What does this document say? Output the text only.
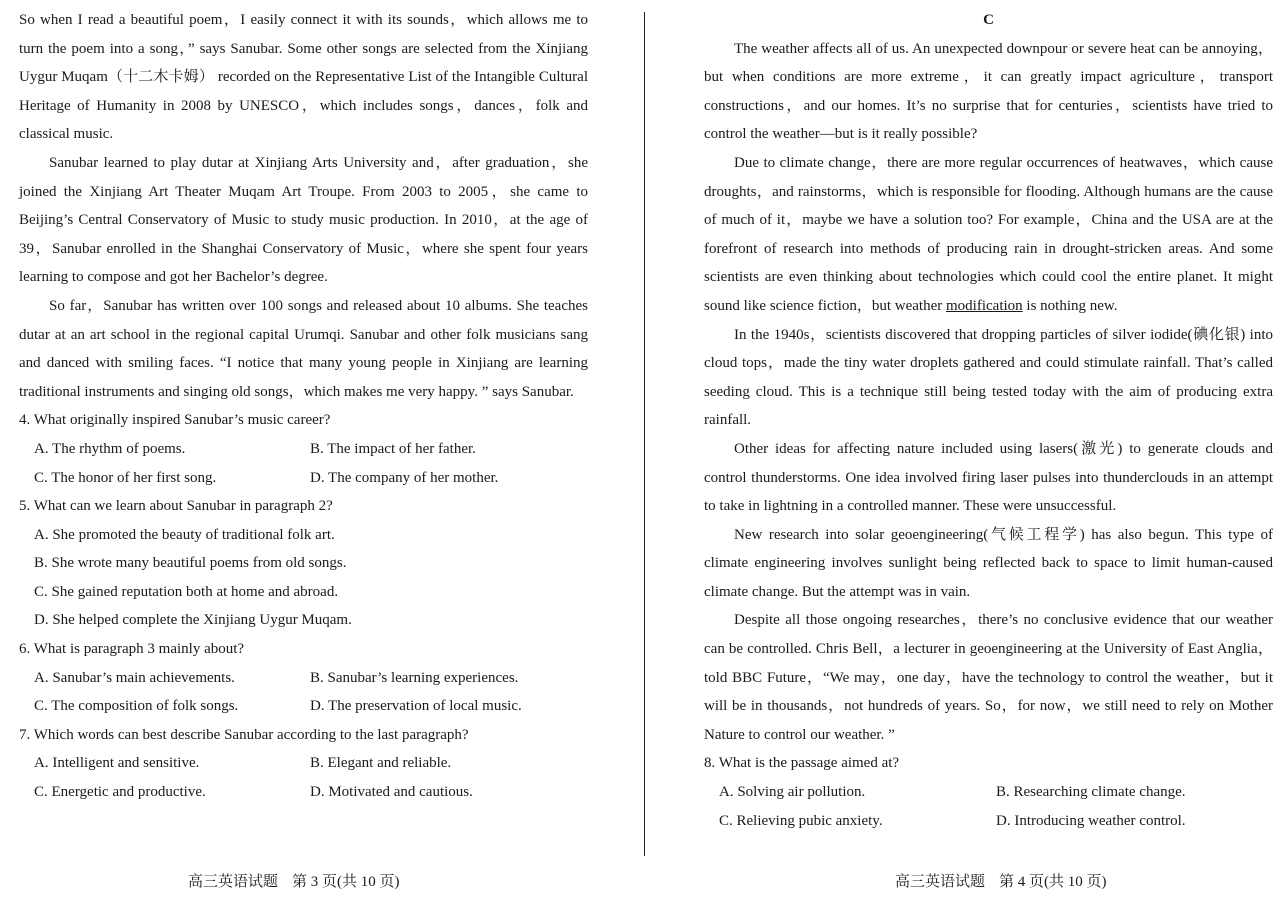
So when I read a beautiful poem，I easily connect it with its sounds，which allows me to turn the poem into a song，” says Sanubar. Some other songs are selected from the Xinjiang Uygur Muqam（十二木卡姆） recorded on the Representative List of the Intangible Cultural Heritage of Humanity in 2008 by UNESCO，which includes songs，dances，folk and classical music.

Sanubar learned to play dutar at Xinjiang Arts University and，after graduation，she joined the Xinjiang Art Theater Muqam Art Troupe. From 2003 to 2005，she came to Beijing’s Central Conservatory of Music to study music production. In 2010，at the age of 39，Sanubar enrolled in the Shanghai Conservatory of Music，where she spent four years learning to compose and got her Bachelor’s degree.

So far，Sanubar has written over 100 songs and released about 10 albums. She teaches dutar at an art school in the regional capital Urumqi. Sanubar and other folk musicians sang and danced with smiling faces. “I notice that many young people in Xinjiang are learning traditional instruments and singing old songs，which makes me very happy. ” says Sanubar.

4. What originally inspired Sanubar’s music career?

A. The rhythm of poems.	B. The impact of her father.
C. The honor of her first song.	D. The company of her mother.

5. What can we learn about Sanubar in paragraph 2?

A. She promoted the beauty of traditional folk art.
B. She wrote many beautiful poems from old songs.
C. She gained reputation both at home and abroad.
D. She helped complete the Xinjiang Uygur Muqam.

6. What is paragraph 3 mainly about?

A. Sanubar’s main achievements.	B. Sanubar’s learning experiences.
C. The composition of folk songs.	D. The preservation of local music.

7. Which words can best describe Sanubar according to the last paragraph?

A. Intelligent and sensitive.	B. Elegant and reliable.
C. Energetic and productive.	D. Motivated and cautious.

C

The weather affects all of us. An unexpected downpour or severe heat can be annoying，but when conditions are more extreme，it can greatly impact agriculture，transport constructions，and our homes. It’s no surprise that for centuries，scientists have tried to control the weather—but is it really possible?

Due to climate change，there are more regular occurrences of heatwaves，which cause droughts，and rainstorms，which is responsible for flooding. Although humans are the cause of much of it，maybe we have a solution too? For example，China and the USA are at the forefront of research into methods of producing rain in drought-stricken areas. And some scientists are even thinking about technologies which could cool the entire planet. It might sound like science fiction，but weather modification is nothing new.

In the 1940s，scientists discovered that dropping particles of silver iodide(碘化银) into cloud tops，made the tiny water droplets gathered and could stimulate rainfall. That’s called seeding cloud. This is a technique still being tested today with the aim of producing extra rainfall.

Other ideas for affecting nature included using lasers(激光) to generate clouds and control thunderstorms. One idea involved firing laser pulses into thunderclouds in an attempt to take in lightning in a controlled manner. These were unsuccessful.

New research into solar geoengineering(气候工程学) has also begun. This type of climate engineering involves sunlight being reflected back to space to limit human-caused climate change. But the attempt was in vain.

Despite all those ongoing researches，there’s no conclusive evidence that our weather can be controlled. Chris Bell，a lecturer in geoengineering at the University of East Anglia，told BBC Future，“We may，one day，have the technology to control the weather，but it will be in thousands，not hundreds of years. So，for now，we still need to rely on Mother Nature to control our weather. ”

8. What is the passage aimed at?

A. Solving air pollution.	B. Researching climate change.
C. Relieving pubic anxiety.	D. Introducing weather control.
高三英语试题 第 3 页(共 10 页)	高三英语试题 第 4 页(共 10 页)
